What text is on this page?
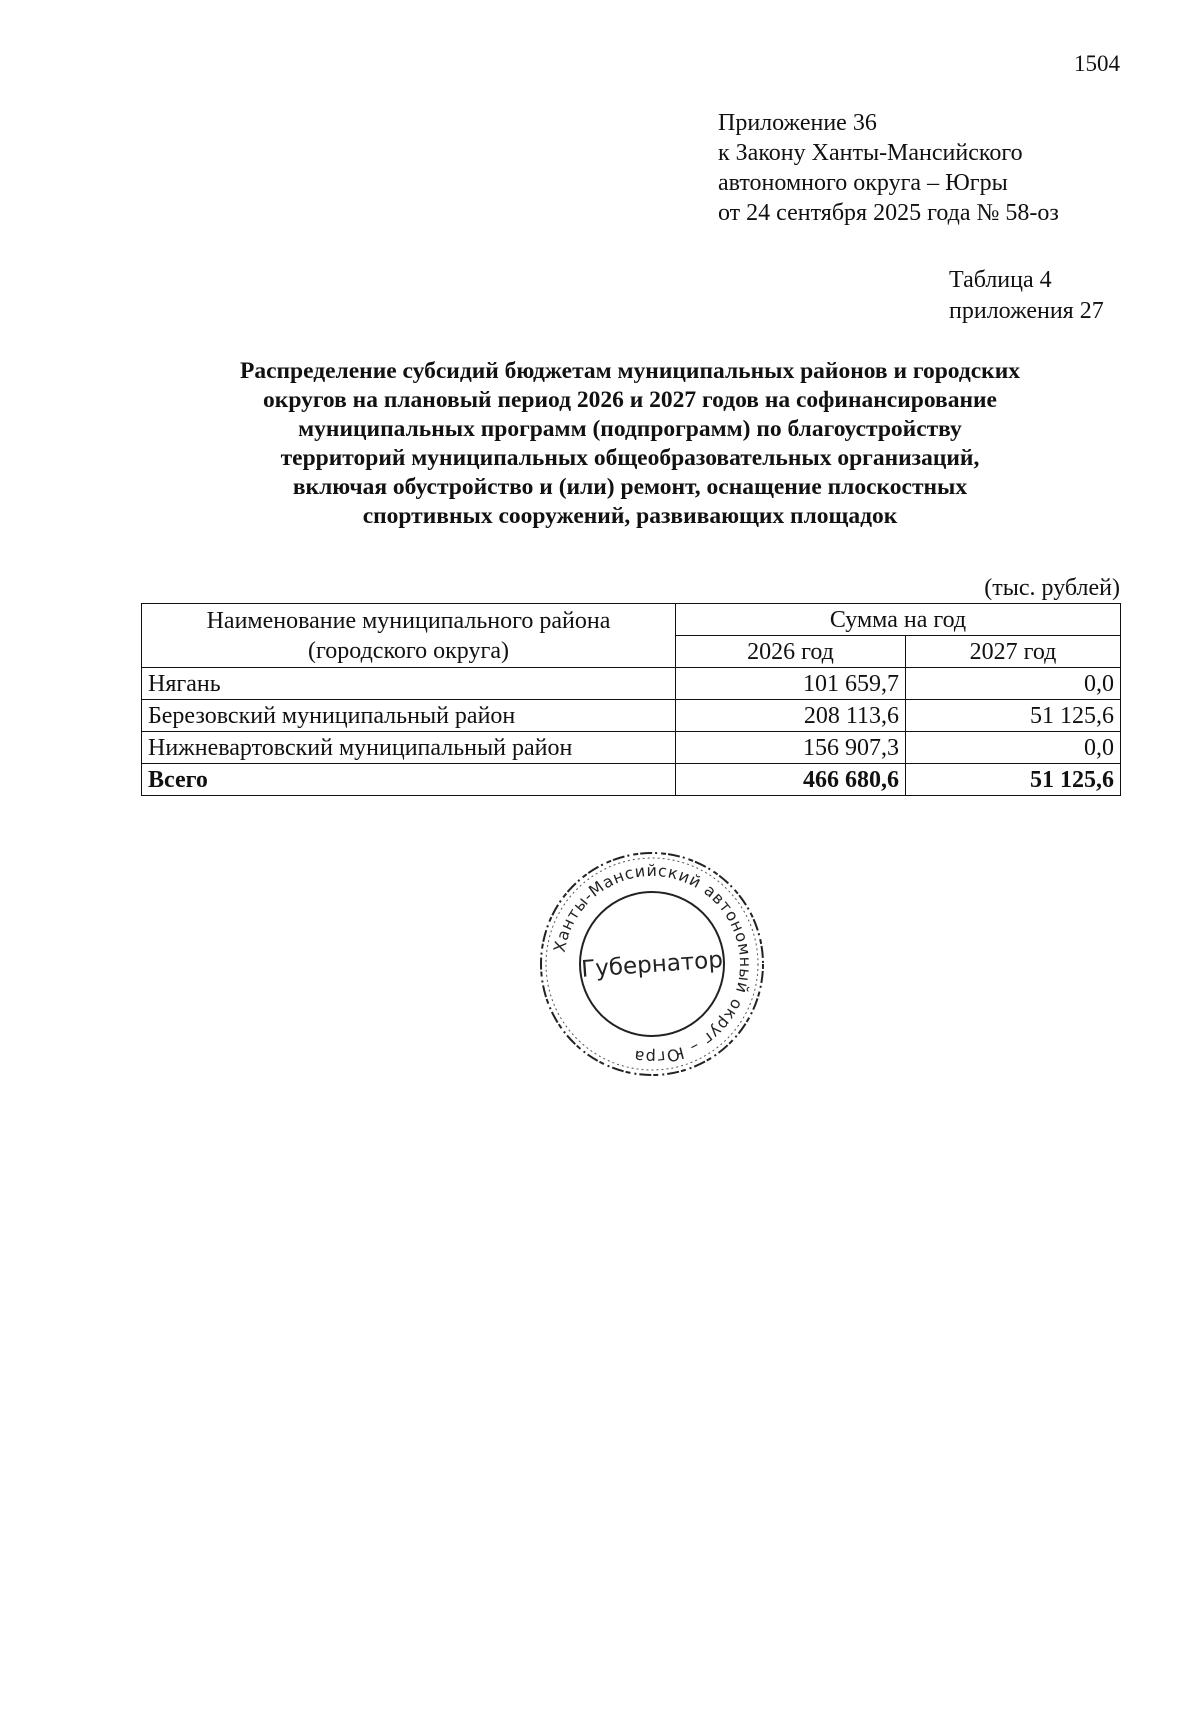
1504
Приложение 36
к Закону Ханты-Мансийского
автономного округа – Югры
от 24 сентября 2025 года № 58-оз
Таблица 4
приложения 27
Распределение субсидий бюджетам муниципальных районов и городских
округов на плановый период 2026 и 2027 годов на софинансирование
муниципальных программ (подпрограмм) по благоустройству
территорий муниципальных общеобразовательных организаций,
включая обустройство и (или) ремонт, оснащение плоскостных
спортивных сооружений, развивающих площадок
(тыс. рублей)
Наименование муниципального района
(городского округа)	Сумма на год	
	2026 год	2027 год
Нягань	101 659,7	0,0
Березовский муниципальный район	208 113,6	51 125,6
Нижневартовский муниципальный район	156 907,3	0,0
Всего	466 680,6	51 125,6
Ханты-Мансийский автономный округ – Югра
Губернатор
